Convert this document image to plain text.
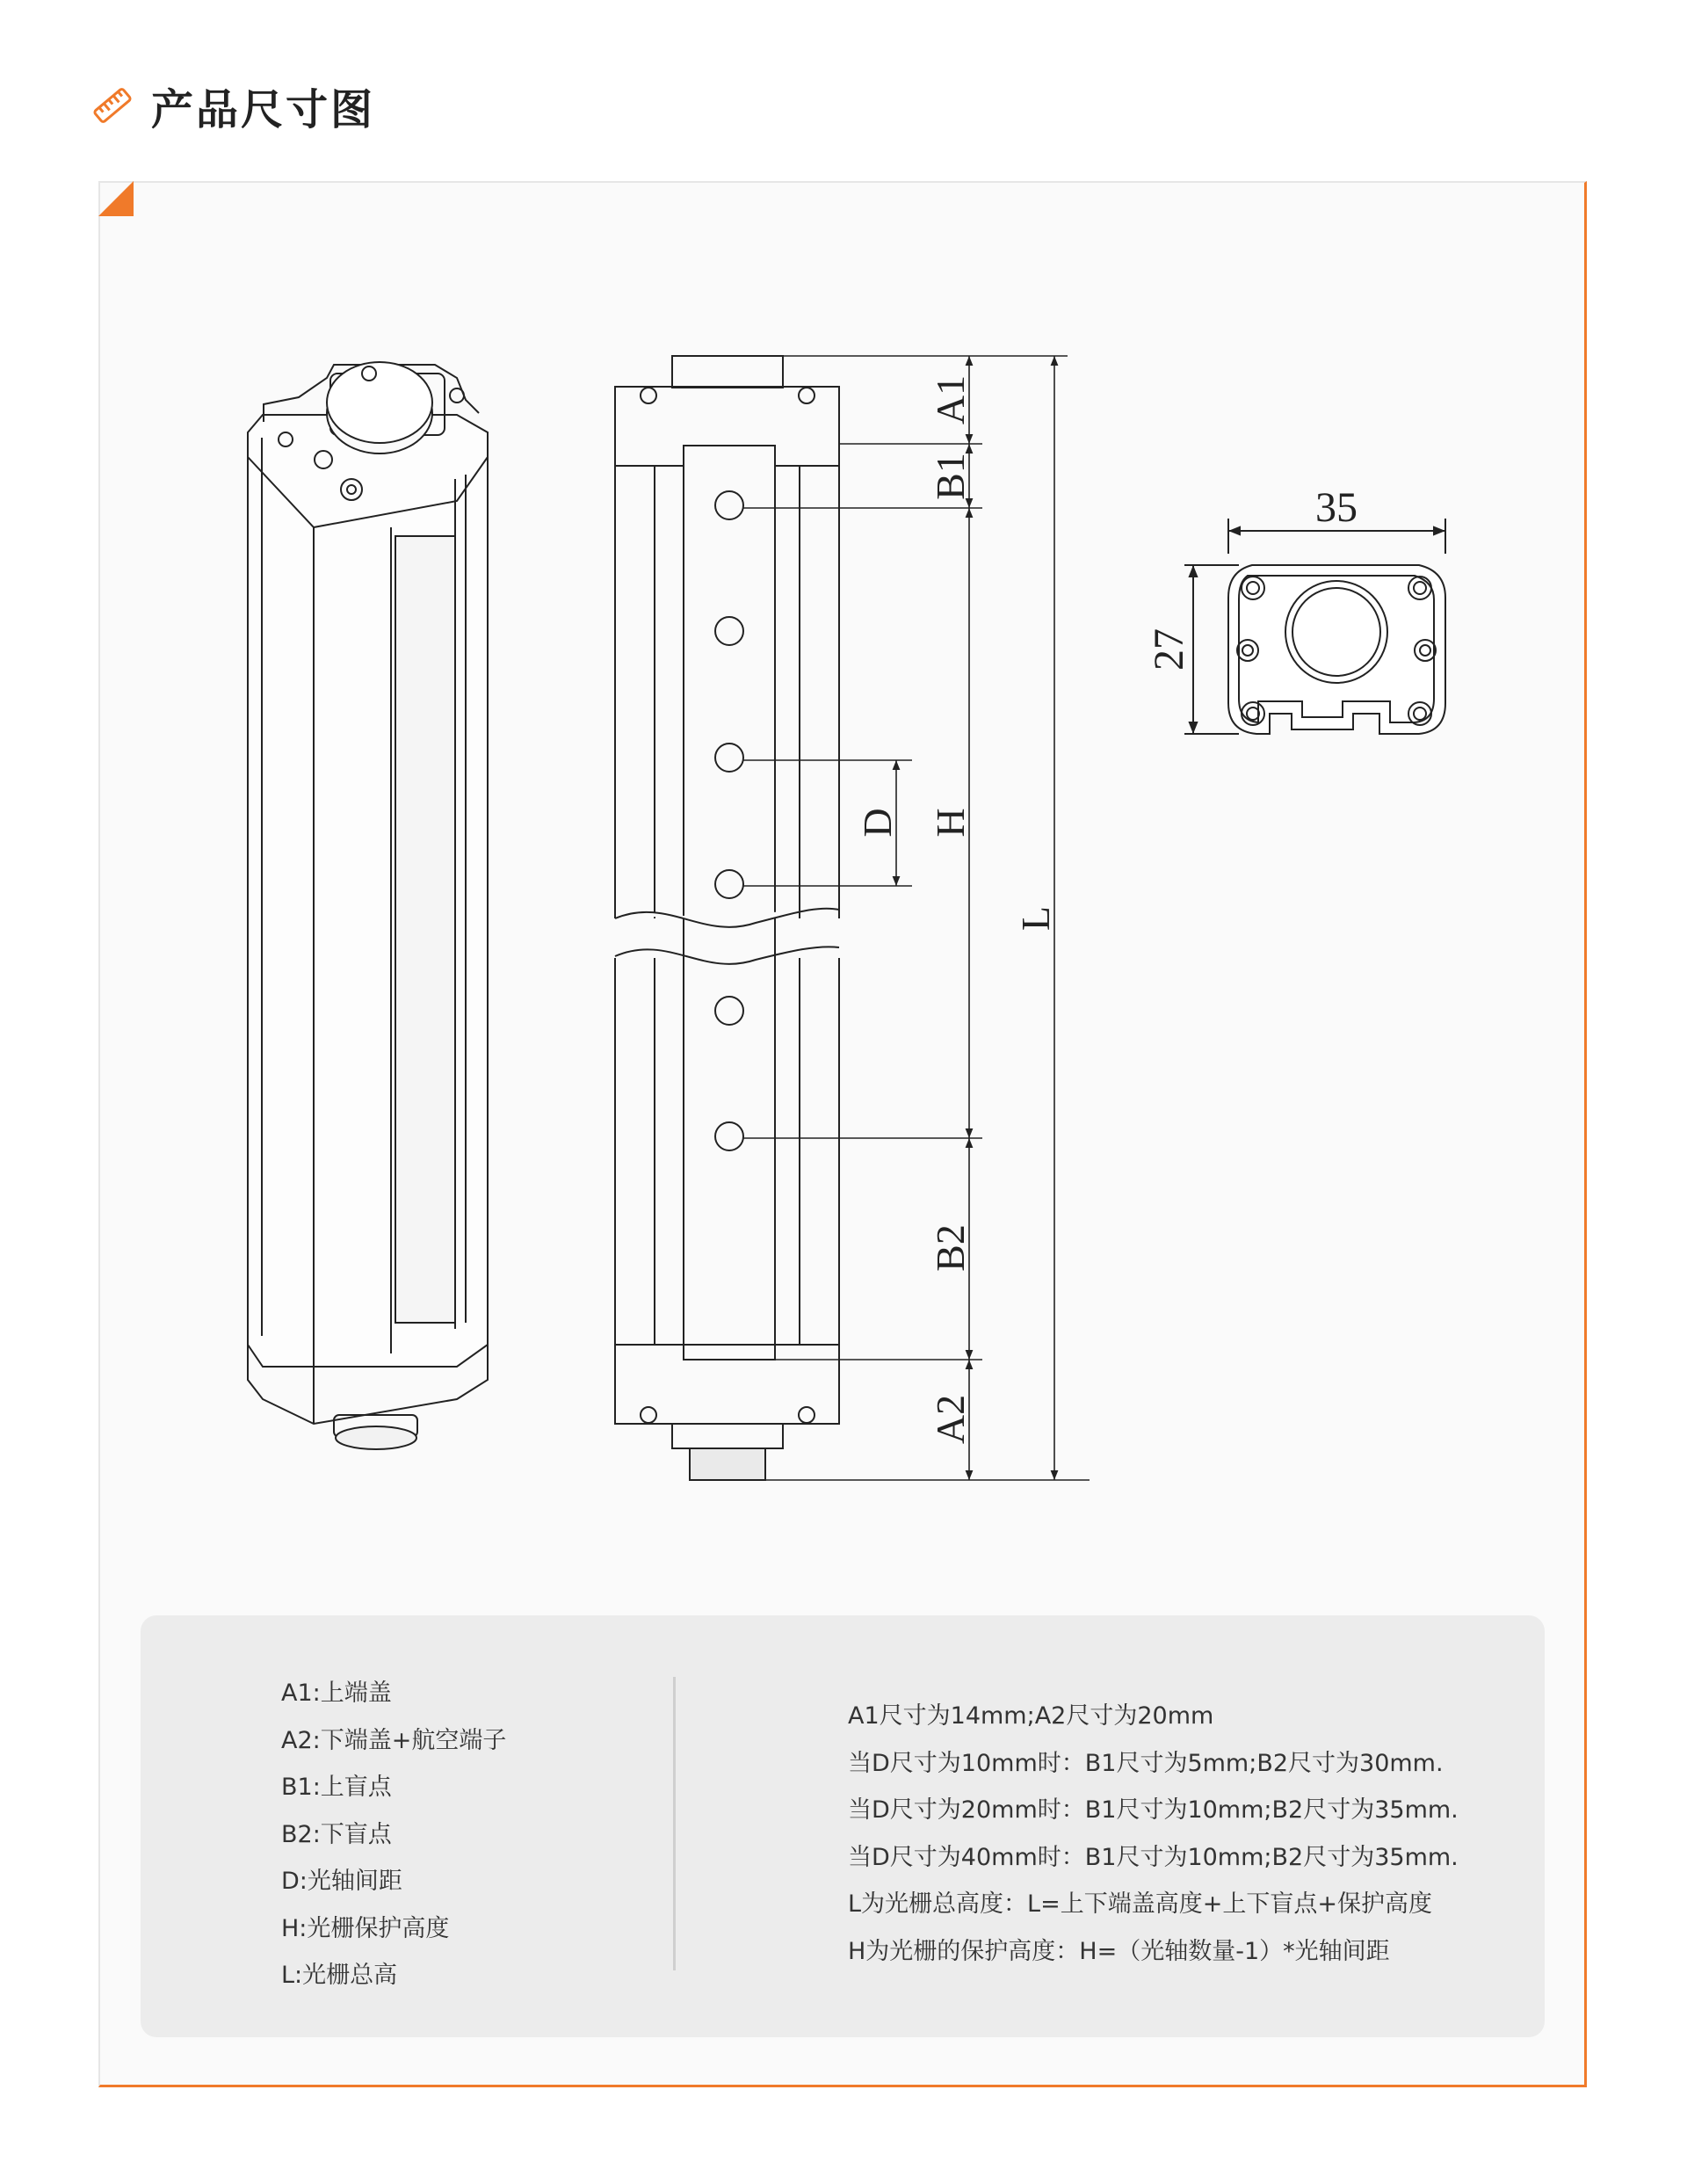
产品尺寸图
A1
B1
D H
L
B2
A2
35
27
A1:上端盖
A2:下端盖+航空端子
B1:上盲点
B2:下盲点
D:光轴间距
H:光栅保护高度
L:光栅总高
A1尺寸为14mm;A2尺寸为20mm
当D尺寸为10mm时：B1尺寸为5mm;B2尺寸为30mm.
当D尺寸为20mm时：B1尺寸为10mm;B2尺寸为35mm.
当D尺寸为40mm时：B1尺寸为10mm;B2尺寸为35mm.
L为光栅总高度：L=上下端盖高度+上下盲点+保护高度
H为光栅的保护高度：H=（光轴数量-1）*光轴间距
